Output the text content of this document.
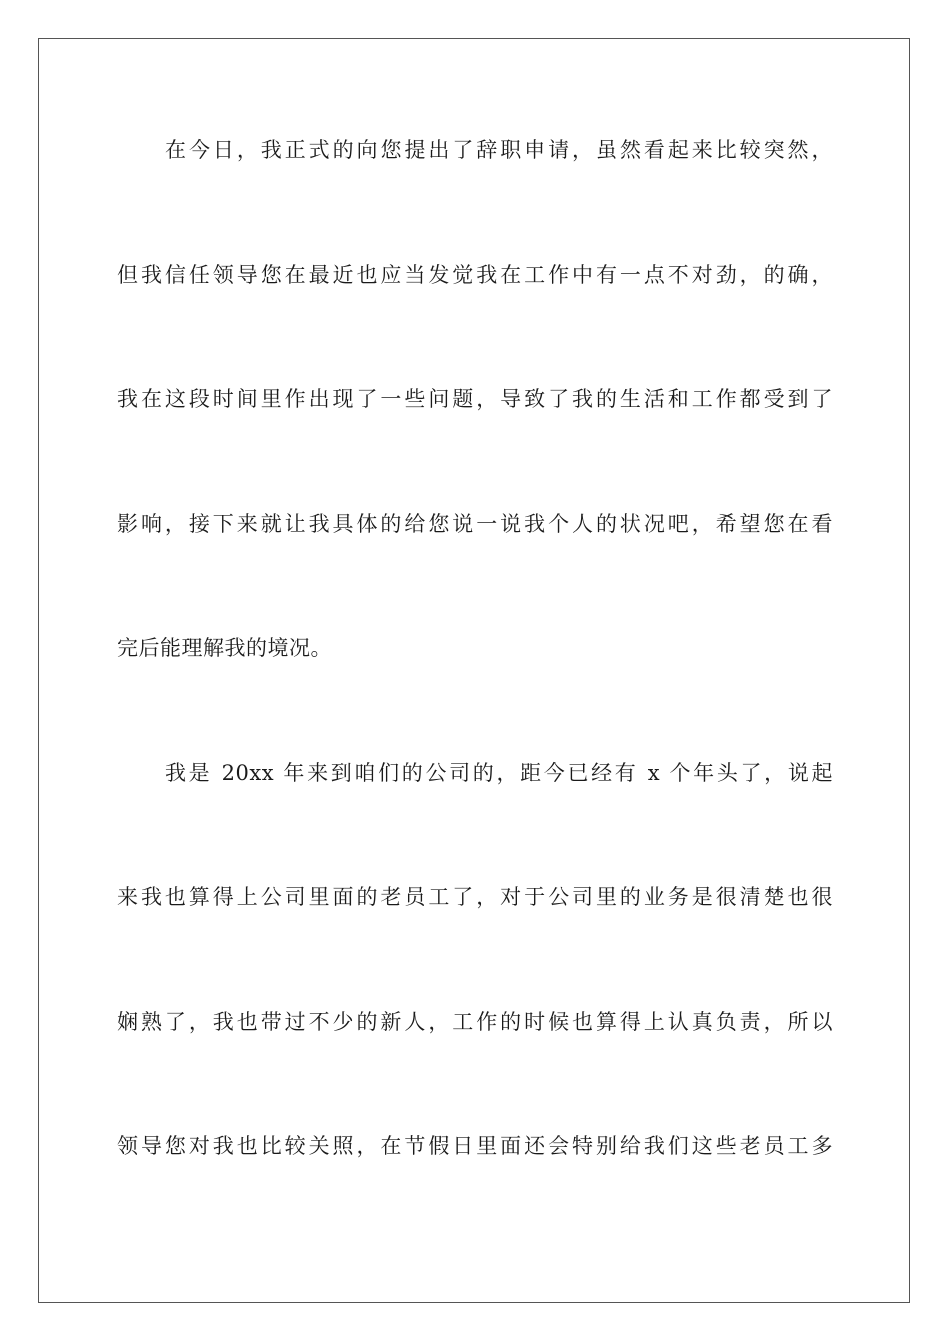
在今日，我正式的向您提出了辞职申请，虽然看起来比较突然，
但我信任领导您在最近也应当发觉我在工作中有一点不对劲，的确，
我在这段时间里作出现了一些问题，导致了我的生活和工作都受到了
影响，接下来就让我具体的给您说一说我个人的状况吧，希望您在看
完后能理解我的境况。
我是 20xx 年来到咱们的公司的，距今已经有 x 个年头了，说起
来我也算得上公司里面的老员工了，对于公司里的业务是很清楚也很
娴熟了，我也带过不少的新人，工作的时候也算得上认真负责，所以
领导您对我也比较关照，在节假日里面还会特别给我们这些老员工多
